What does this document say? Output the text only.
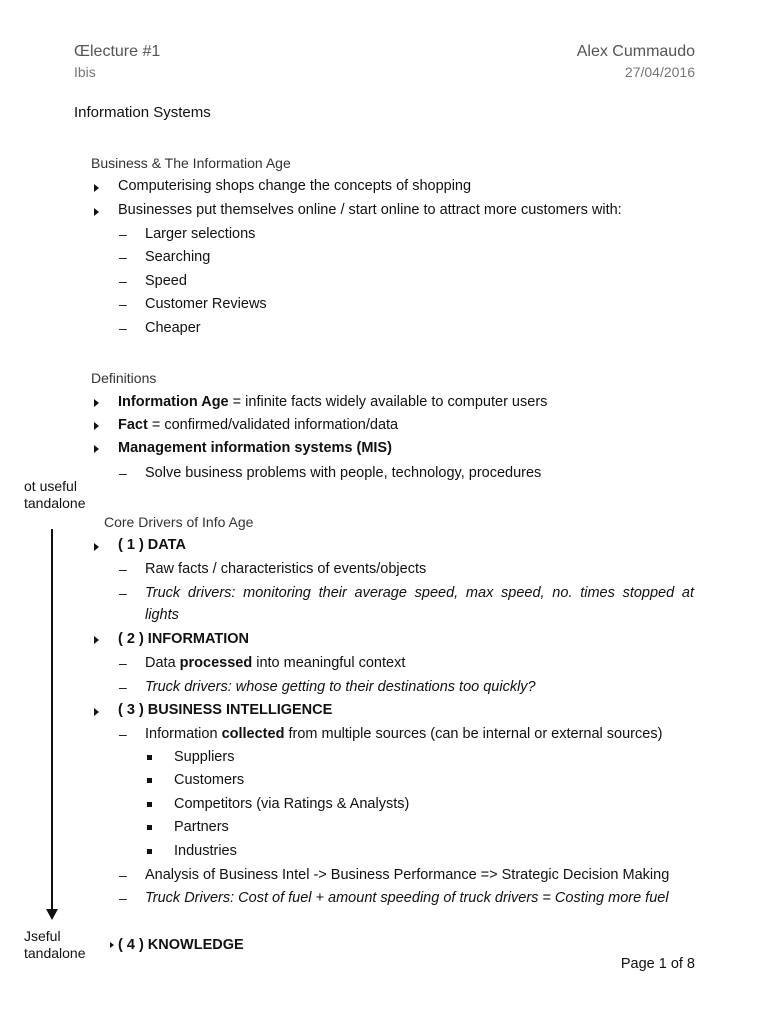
Œlecture #1
Ibis
Alex Cummaudo
27/04/2016
Information Systems
Business & The Information Age
Computerising shops change the concepts of shopping
Businesses put themselves online / start online to attract more customers with:
– Larger selections
– Searching
– Speed
– Customer Reviews
– Cheaper
Definitions
Information Age = infinite facts widely available to computer users
Fact = confirmed/validated information/data
Management information systems (MIS)
– Solve business problems with people, technology, procedures
ot useful
tandalone
Jseful
tandalone
Core Drivers of Info Age
( 1 ) DATA
– Raw facts / characteristics of events/objects
– Truck drivers: monitoring their average speed, max speed, no. times stopped at
lights
( 2 ) INFORMATION
– Data processed into meaningful context
– Truck drivers: whose getting to their destinations too quickly?
( 3 ) BUSINESS INTELLIGENCE
– Information collected from multiple sources (can be internal or external sources)
Suppliers
Customers
Competitors (via Ratings & Analysts)
Partners
Industries
– Analysis of Business Intel -> Business Performance => Strategic Decision Making
– Truck Drivers: Cost of fuel + amount speeding of truck drivers = Costing more fuel
( 4 ) KNOWLEDGE
Page 1 of 8
